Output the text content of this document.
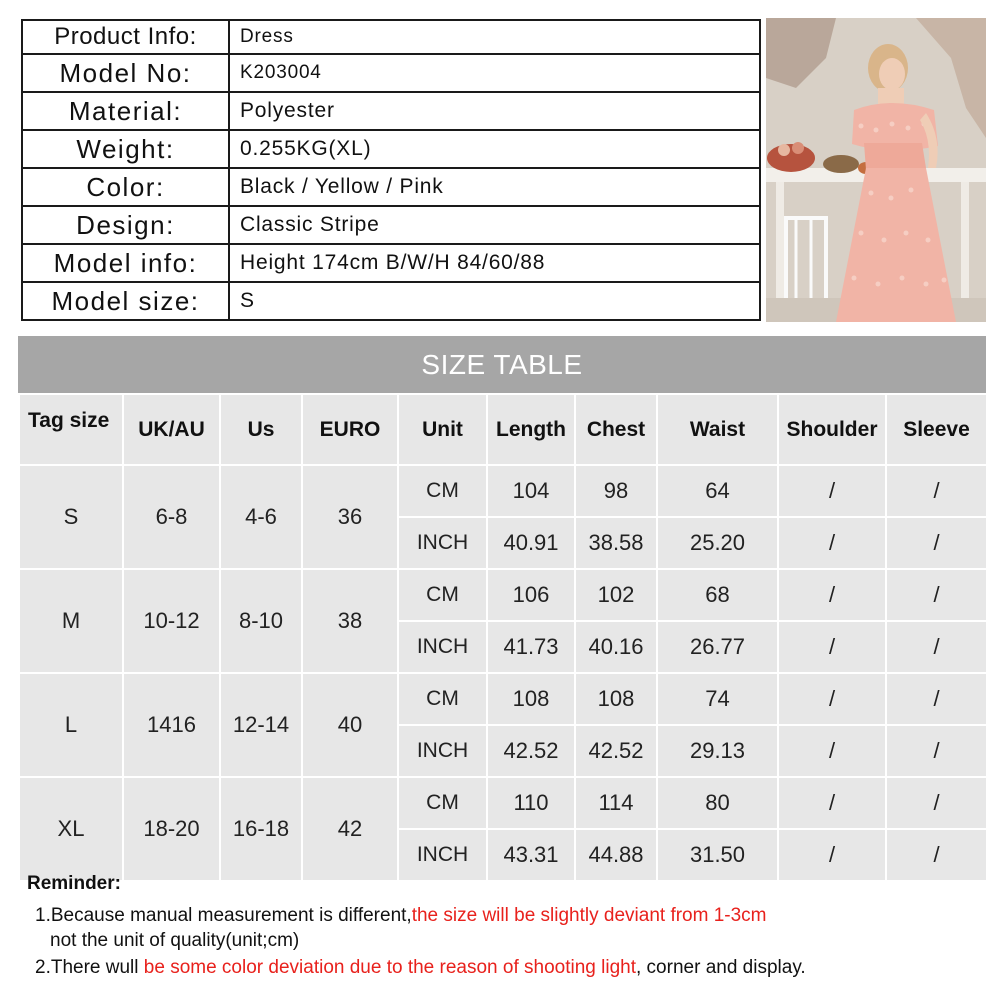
Product Info:	Dress
Model No:	K203004
Material:	Polyester
Weight:	0.255KG(XL)
Color:	Black / Yellow / Pink
Design:	Classic Stripe
Model info:	Height 174cm B/W/H 84/60/88
Model size:	S
SIZE TABLE
Tag size	UK/AU	Us	EURO	Unit	Length	Chest	Waist	Shoulder	Sleeve
S	6-8	4-6	36	CM	104	98	64	/	/
				INCH	40.91	38.58	25.20	/	/
M	10-12	8-10	38	CM	106	102	68	/	/
				INCH	41.73	40.16	26.77	/	/
L	1416	12-14	40	CM	108	108	74	/	/
				INCH	42.52	42.52	29.13	/	/
XL	18-20	16-18	42	CM	110	114	80	/	/
				INCH	43.31	44.88	31.50	/	/
Reminder:
1.Because manual measurement is different,the size will be slightly deviant from 1-3cm
not the unit of quality(unit;cm)
2.There wull be some color deviation due to the reason of shooting light, corner and display.
